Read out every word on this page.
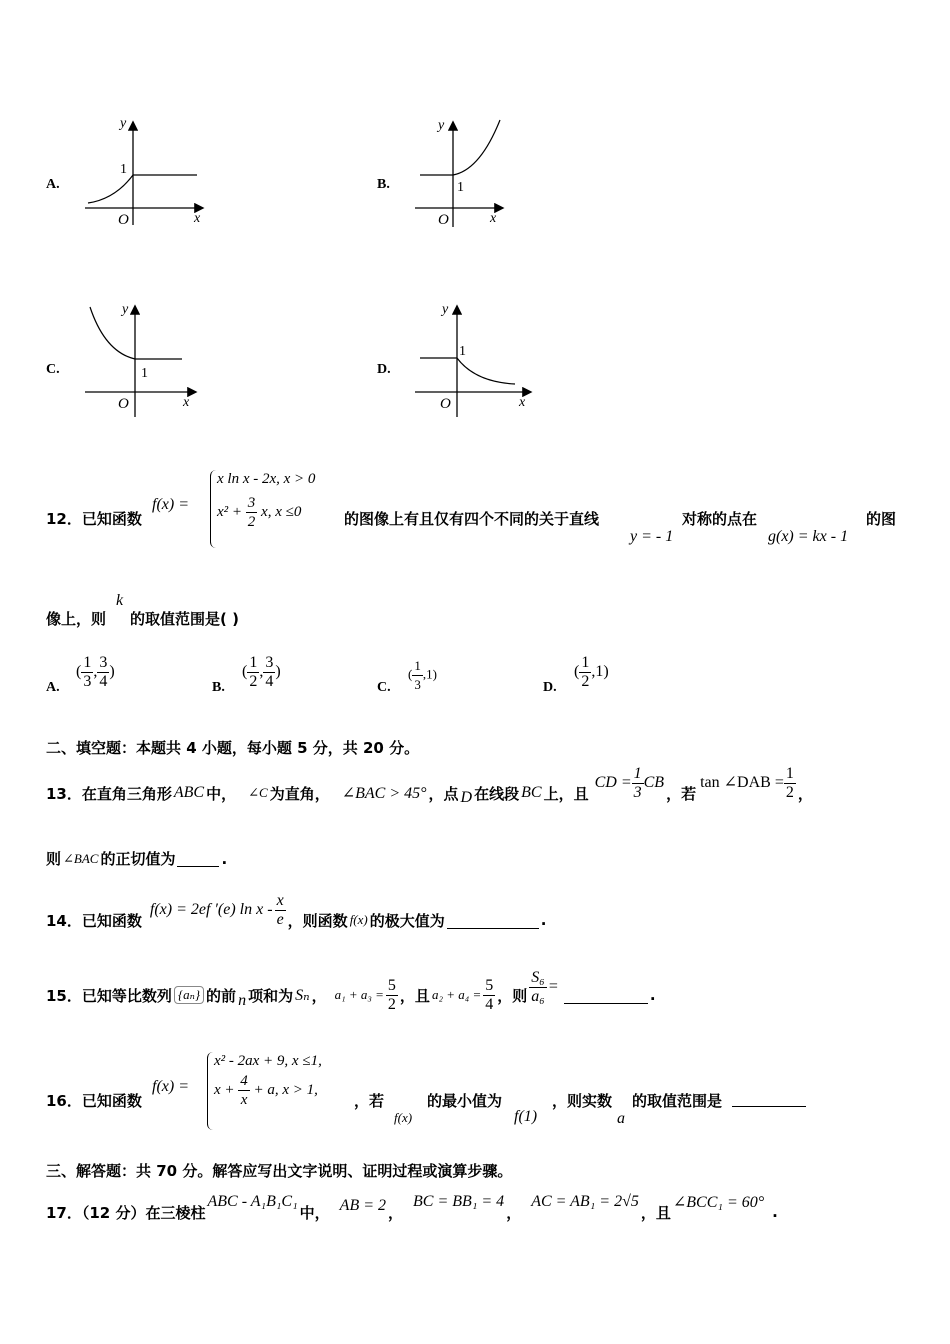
A.
y
x
O
1
B.
y
x
O
1
C.
y
x
O
1	D.
y
x
O
1
12．已知函数
f(x) =
x ln x - 2x, x > 0
$x^2 + \frac{3}{2} x$, x ≤0	的图像上有且仅有四个不同的关于直线
y = - 1
对称的点在
g(x) = kx - 1
的图
像上，则
k
的取值范围是( )
A.
( $\frac{1}{3}$ , $\frac{3}{4}$ )
B.
( $\frac{1}{2}$ , $\frac{3}{4}$ )
C.
( $\frac{1}{3} ,1$)
D.
( $\frac{1}{2} ,1$)
二、填空题：本题共 4 小题，每小题 5 分，共 20 分。
13．在直角三角形 ABC 中， ∠C 为直角， ∠BAC > 45° ，点 D 在线段 BC 上，且
CD = $\frac{1}{3}$ CB
，若
tan ∠DAB = $\frac{1}{2}$ ，
则 ∠BAC 的正切值为	.
14．已知函数
f(x) = 2ef ′(e) ln x - $\frac{x}{e}$ ，则函数 f(x) 的极大值为	.
15．已知等比数列 {aₙ} 的前 n 项和为 Sₙ ， $a_1 + a_3 = \frac{5}{2}$ ，且 $a_2 + a_4 = \frac{5}{4}$ ，则 $\frac{\text{S₆}}{\text{a₆}}$ =	.
16．已知函数
f(x) =
x² - 2ax + 9, x ≤1,
$x + \frac{4}{x} + a$, x > 1,
，若
f(x)
的最小值为
f(1)
，则实数
a
的取值范围是
三、解答题：共 70 分。解答应写出文字说明、证明过程或演算步骤。
17．（12 分）在三棱柱
ABC - A₁B₁C₁
中， AB = 2 ，
BC = BB₁ = 4
，
AC = AB₁ = 2√5
，且
∠BCC₁ = 60°
.
